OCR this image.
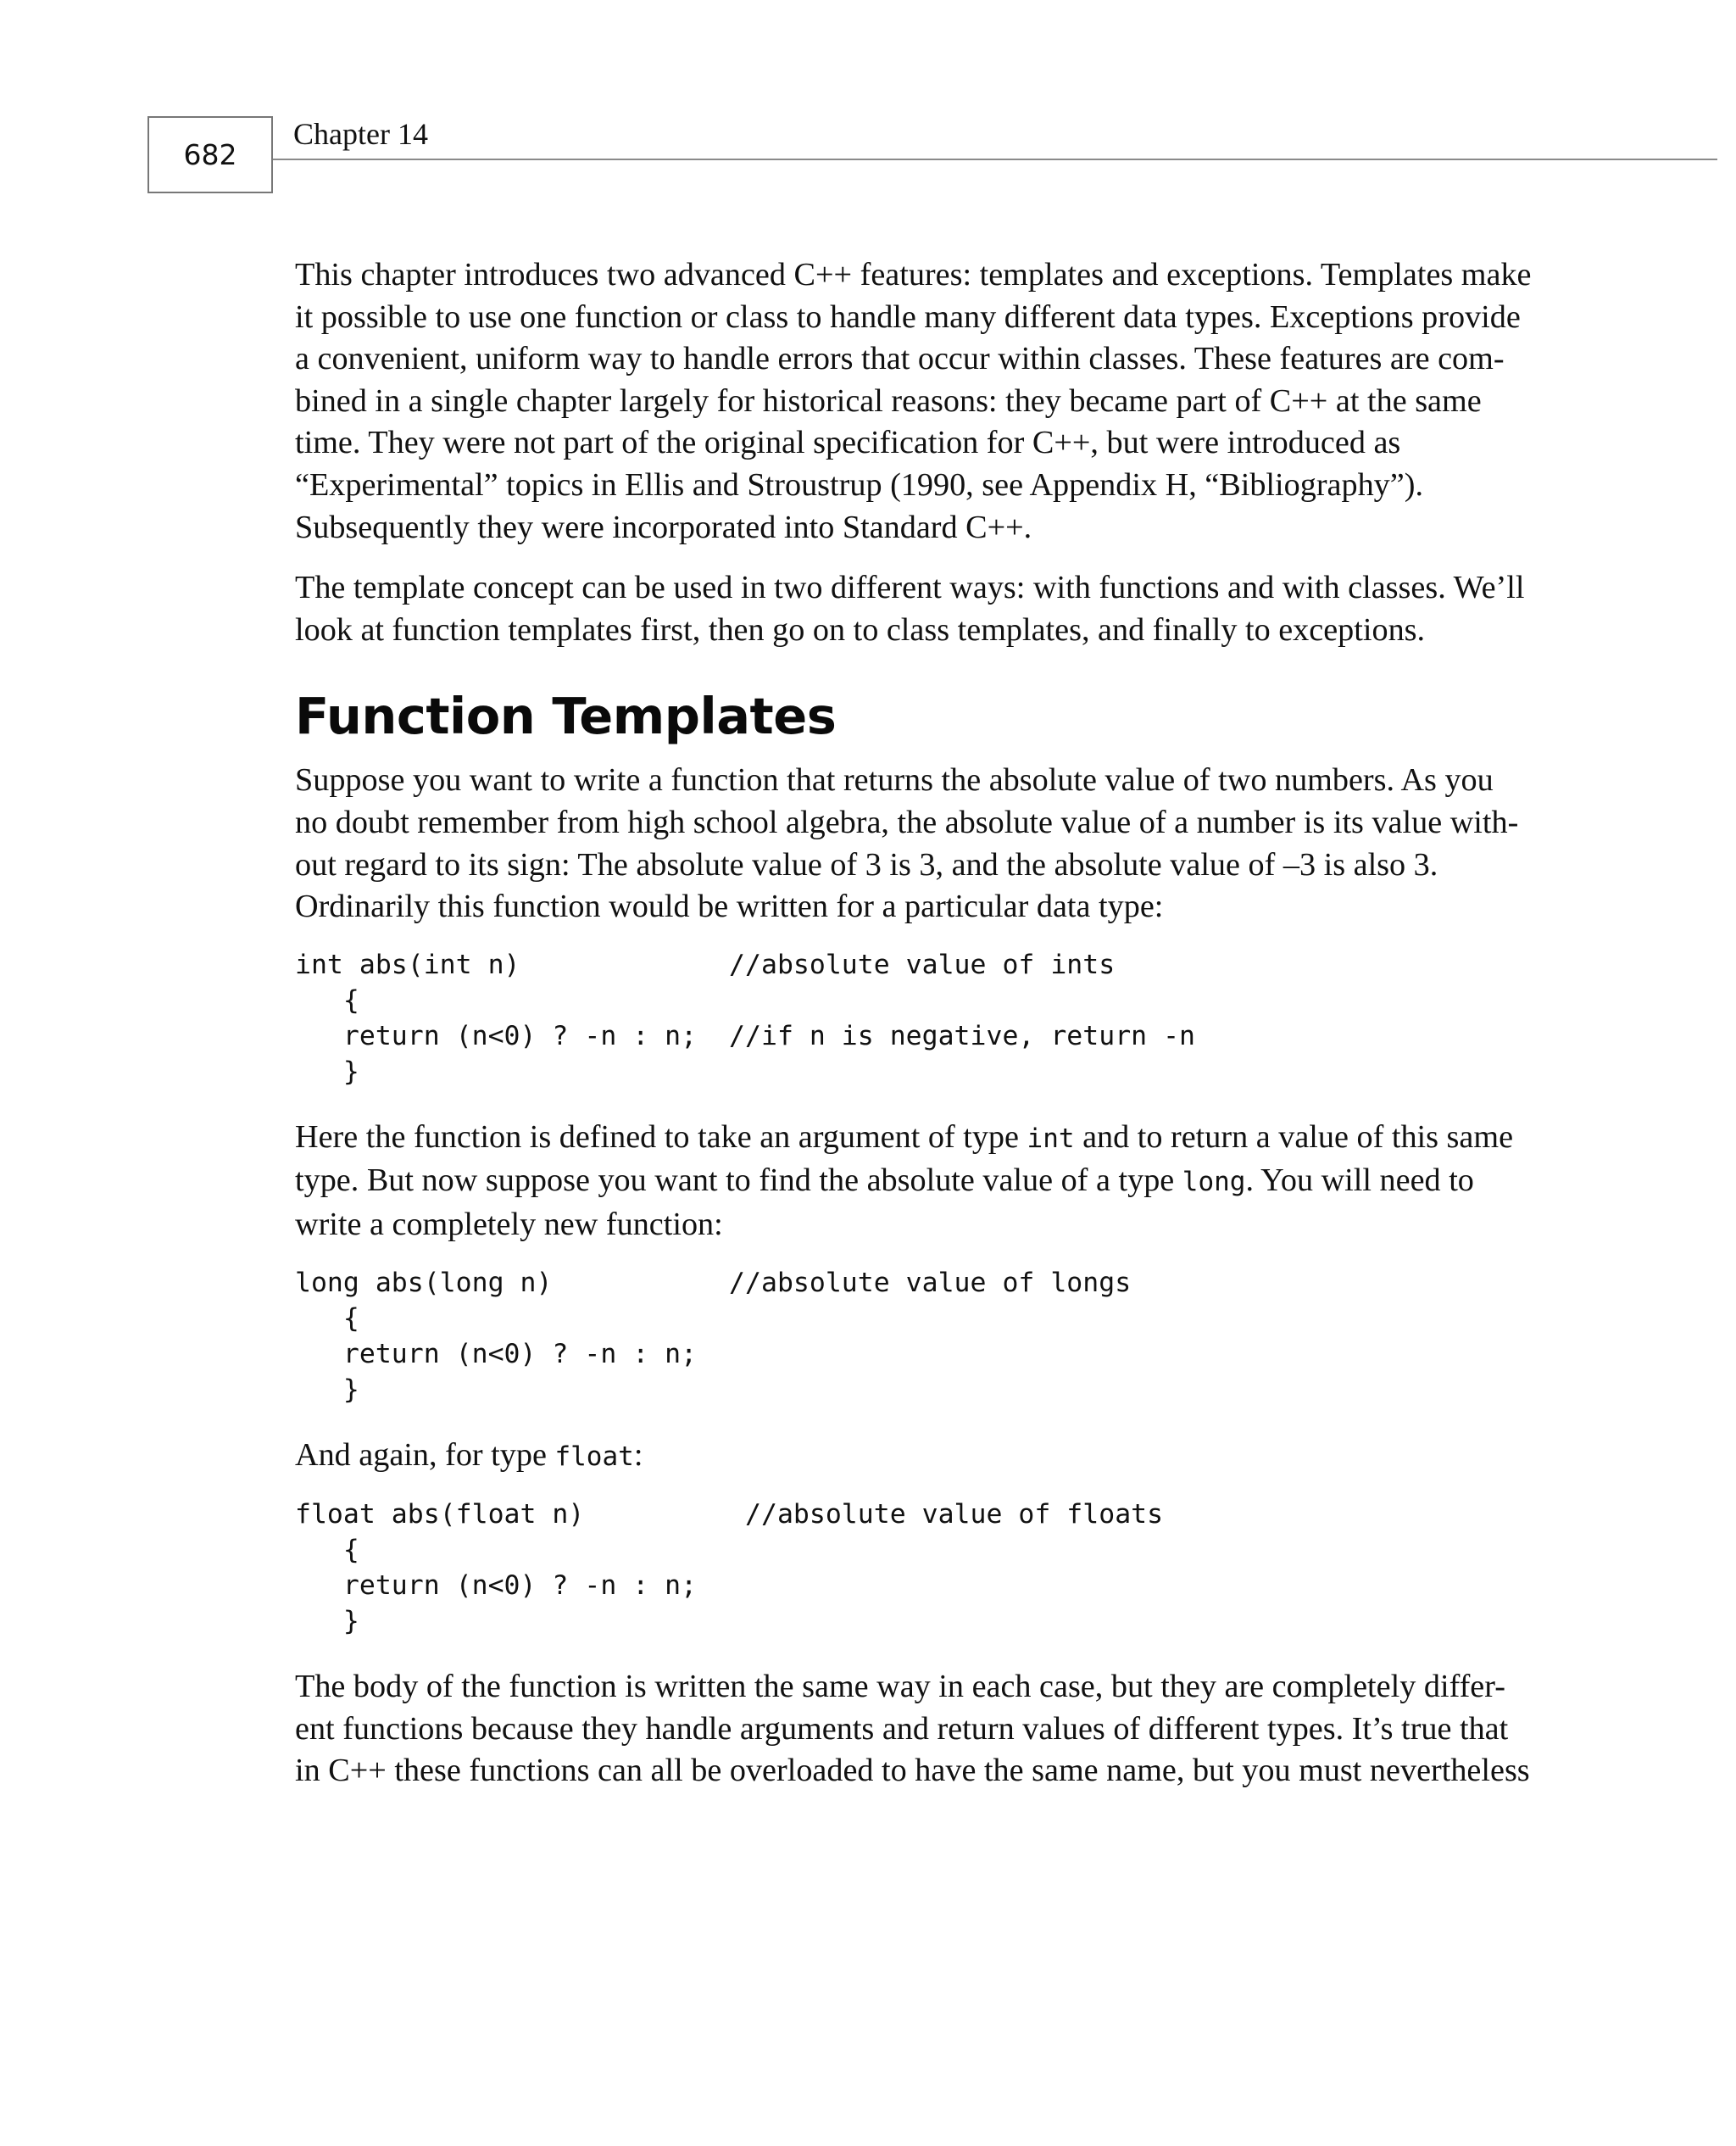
682
Chapter 14

This chapter introduces two advanced C++ features: templates and exceptions. Templates make
it possible to use one function or class to handle many different data types. Exceptions provide
a convenient, uniform way to handle errors that occur within classes. These features are com-
bined in a single chapter largely for historical reasons: they became part of C++ at the same
time. They were not part of the original specification for C++, but were introduced as
“Experimental” topics in Ellis and Stroustrup (1990, see Appendix H, “Bibliography”).
Subsequently they were incorporated into Standard C++.

The template concept can be used in two different ways: with functions and with classes. We’ll
look at function templates first, then go on to class templates, and finally to exceptions.

Function Templates

Suppose you want to write a function that returns the absolute value of two numbers. As you
no doubt remember from high school algebra, the absolute value of a number is its value with-
out regard to its sign: The absolute value of 3 is 3, and the absolute value of –3 is also 3.
Ordinarily this function would be written for a particular data type:

int abs(int n)             //absolute value of ints
{
return (n<0) ? -n : n;  //if n is negative, return -n
}

Here the function is defined to take an argument of type int and to return a value of this same
type. But now suppose you want to find the absolute value of a type long. You will need to
write a completely new function:

long abs(long n)           //absolute value of longs
{
return (n<0) ? -n : n;
}

And again, for type float:

float abs(float n)          //absolute value of floats
{
return (n<0) ? -n : n;
}

The body of the function is written the same way in each case, but they are completely differ-
ent functions because they handle arguments and return values of different types. It’s true that
in C++ these functions can all be overloaded to have the same name, but you must nevertheless
